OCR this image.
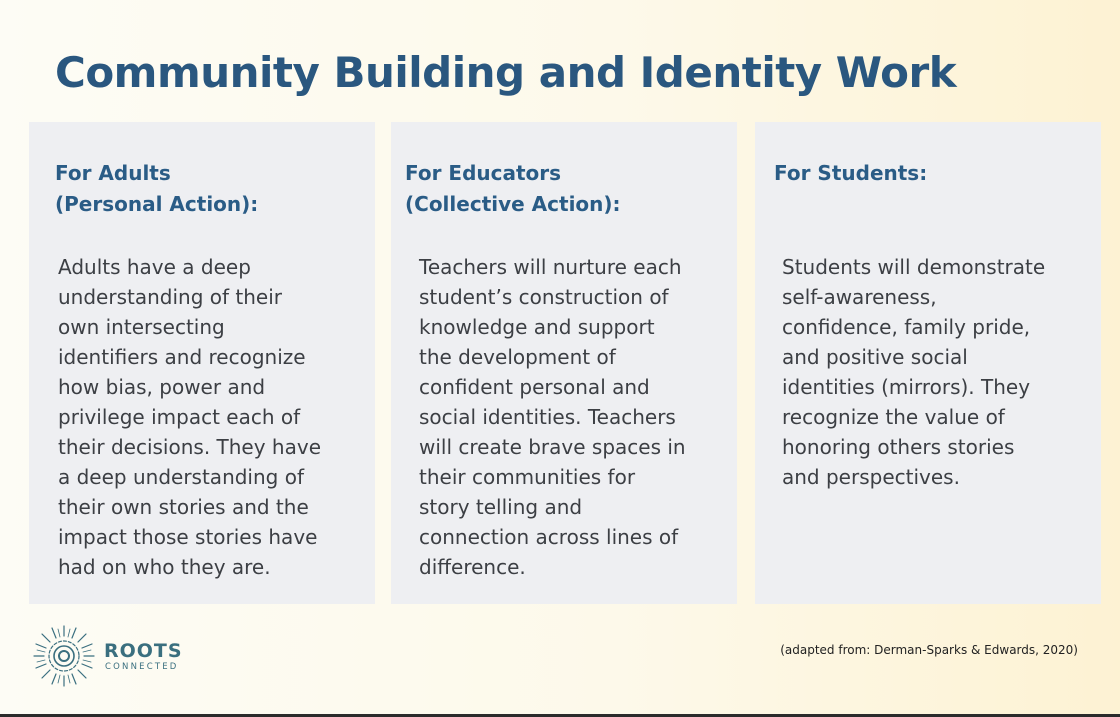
Community Building and Identity Work
For Adults
(Personal Action):
Adults have a deep
understanding of their
own intersecting
identifiers and recognize
how bias, power and
privilege impact each of
their decisions. They have
a deep understanding of
their own stories and the
impact those stories have
had on who they are.
For Educators
(Collective Action):
Teachers will nurture each
student’s construction of
knowledge and support
the development of
confident personal and
social identities. Teachers
will create brave spaces in
their communities for
story telling and
connection across lines of
difference.
For Students:
Students will demonstrate
self-awareness,
confidence, family pride,
and positive social
identities (mirrors). They
recognize the value of
honoring others stories
and perspectives.
ROOTS
CONNECTED
(adapted from: Derman-Sparks & Edwards, 2020)
